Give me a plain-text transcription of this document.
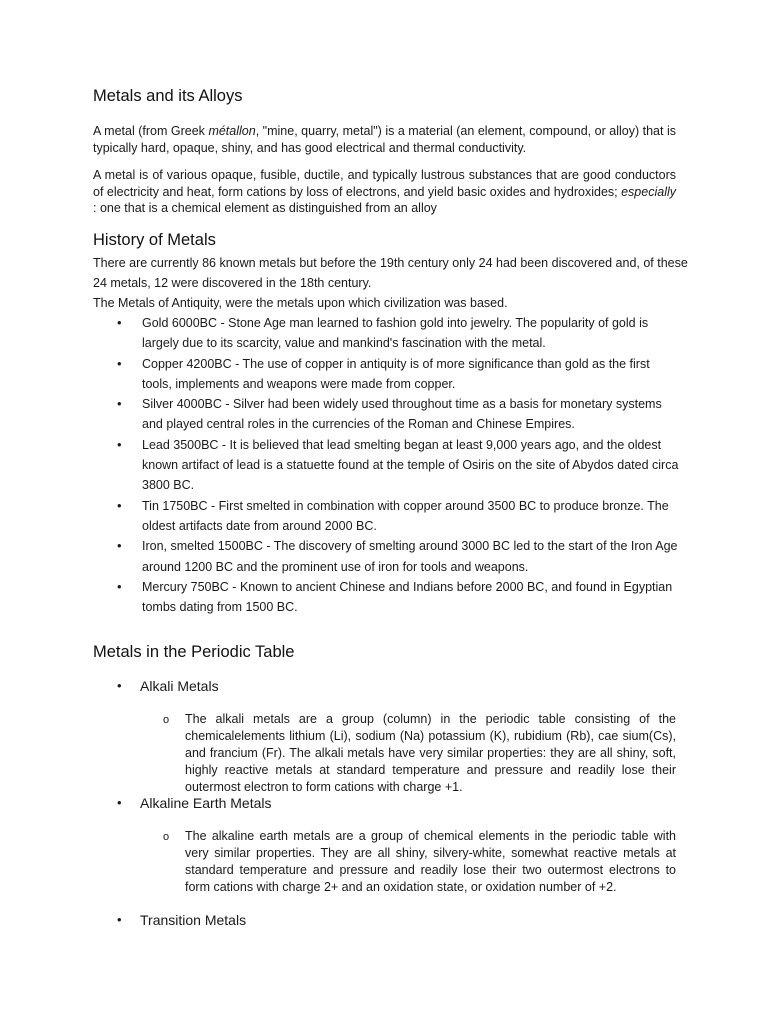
Metals and its Alloys

A metal (from Greek métallon, "mine, quarry, metal") is a material (an element, compound, or alloy) that is typically hard, opaque, shiny, and has good electrical and thermal conductivity.

A metal is of various opaque, fusible, ductile, and typically lustrous substances that are good conductors of electricity and heat, form cations by loss of electrons, and yield basic oxides and hydroxides; especially : one that is a chemical element as distinguished from an alloy

History of Metals

There are currently 86 known metals but before the 19th century only 24 had been discovered and, of these 24 metals, 12 were discovered in the 18th century.

The Metals of Antiquity, were the metals upon which civilization was based.

• Gold 6000BC - Stone Age man learned to fashion gold into jewelry. The popularity of gold is largely due to its scarcity, value and mankind's fascination with the metal.
• Copper 4200BC - The use of copper in antiquity is of more significance than gold as the first tools, implements and weapons were made from copper.
• Silver 4000BC - Silver had been widely used throughout time as a basis for monetary systems and played central roles in the currencies of the Roman and Chinese Empires.
• Lead 3500BC - It is believed that lead smelting began at least 9,000 years ago, and the oldest known artifact of lead is a statuette found at the temple of Osiris on the site of Abydos dated circa 3800 BC.
• Tin 1750BC - First smelted in combination with copper around 3500 BC to produce bronze. The oldest artifacts date from around 2000 BC.
• Iron, smelted 1500BC - The discovery of smelting around 3000 BC led to the start of the Iron Age around 1200 BC and the prominent use of iron for tools and weapons.
• Mercury 750BC - Known to ancient Chinese and Indians before 2000 BC, and found in Egyptian tombs dating from 1500 BC.
Metals in the Periodic Table
• Alkali Metals
o The alkali metals are a group (column) in the periodic table consisting of the chemicalelements lithium (Li), sodium (Na) potassium (K), rubidium (Rb), cae sium(Cs), and francium (Fr). The alkali metals have very similar properties: they are all shiny, soft, highly reactive metals at standard temperature and pressure and readily lose their outermost electron to form cations with charge +1.
• Alkaline Earth Metals
o The alkaline earth metals are a group of chemical elements in the periodic table with very similar properties. They are all shiny, silvery-white, somewhat reactive metals at standard temperature and pressure and readily lose their two outermost electrons to form cations with charge 2+ and an oxidation state, or oxidation number of +2.
• Transition Metals
